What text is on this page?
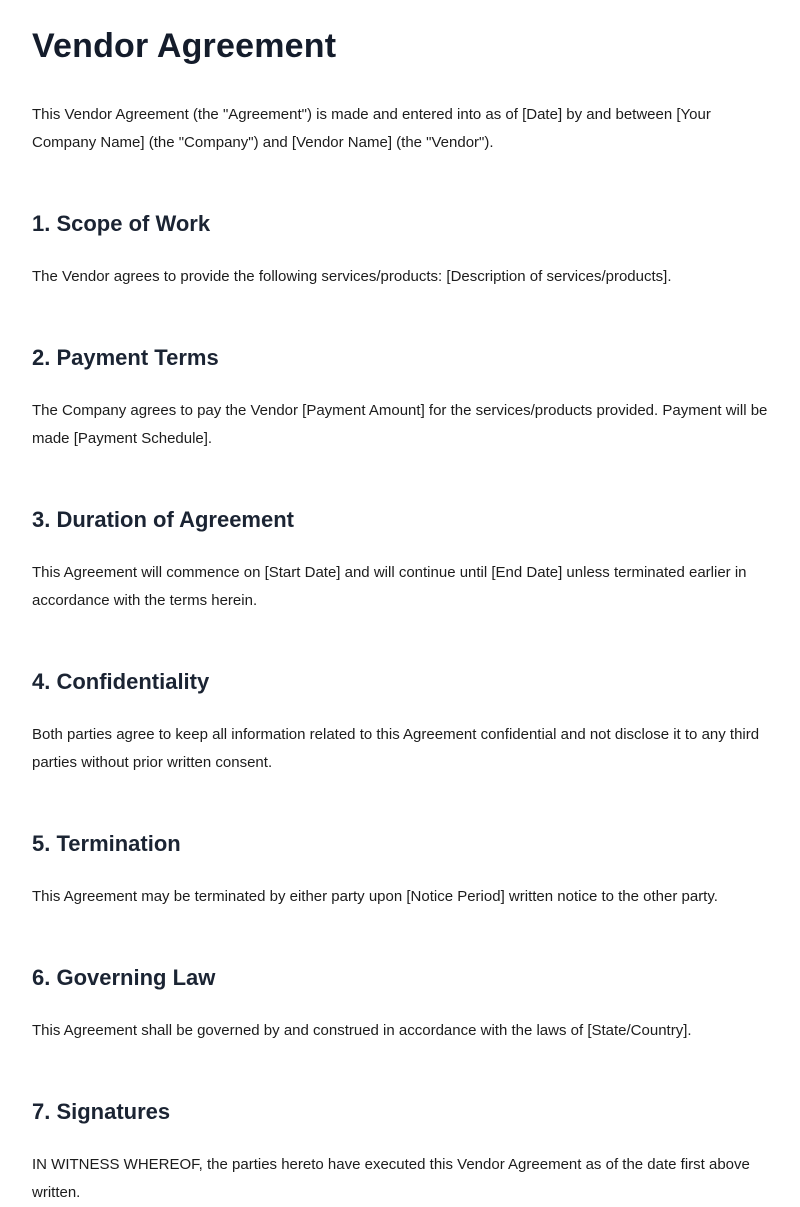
Vendor Agreement

This Vendor Agreement (the "Agreement") is made and entered into as of [Date] by and between [Your Company Name] (the "Company") and [Vendor Name] (the "Vendor").

1. Scope of Work

The Vendor agrees to provide the following services/products: [Description of services/products].

2. Payment Terms

The Company agrees to pay the Vendor [Payment Amount] for the services/products provided. Payment will be made [Payment Schedule].

3. Duration of Agreement

This Agreement will commence on [Start Date] and will continue until [End Date] unless terminated earlier in accordance with the terms herein.

4. Confidentiality

Both parties agree to keep all information related to this Agreement confidential and not disclose it to any third parties without prior written consent.

5. Termination

This Agreement may be terminated by either party upon [Notice Period] written notice to the other party.

6. Governing Law

This Agreement shall be governed by and construed in accordance with the laws of [State/Country].

7. Signatures

IN WITNESS WHEREOF, the parties hereto have executed this Vendor Agreement as of the date first above written.
